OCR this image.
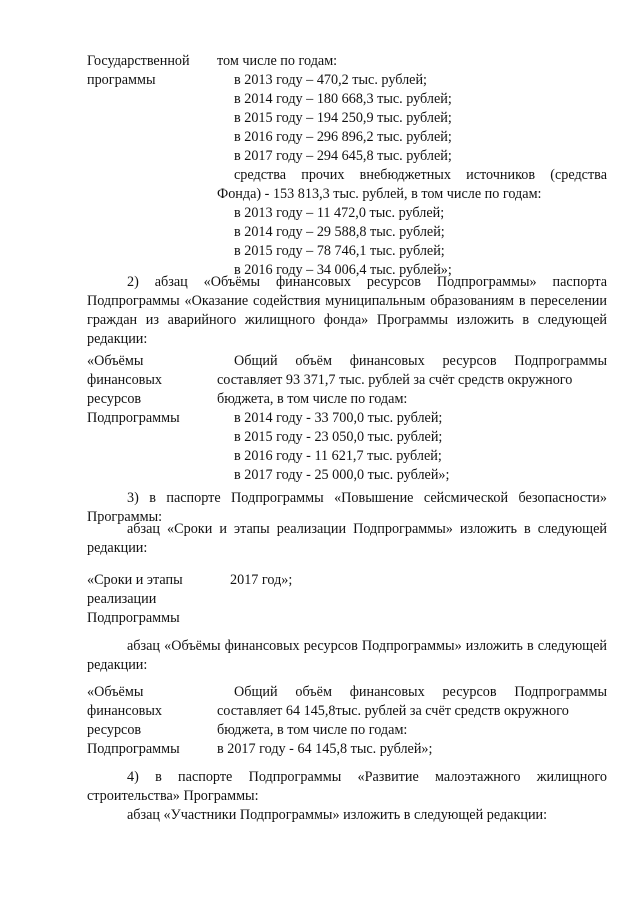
Государственной
программы
том числе по годам:
в 2013 году – 470,2 тыс. рублей;
в 2014 году – 180 668,3 тыс. рублей;
в 2015 году – 194 250,9 тыс. рублей;
в 2016 году – 296 896,2 тыс. рублей;
в 2017 году – 294 645,8 тыс. рублей;
средства прочих внебюджетных источников (средства
Фонда) - 153 813,3 тыс. рублей, в том числе по годам:
в 2013 году – 11 472,0 тыс. рублей;
в 2014 году – 29 588,8 тыс. рублей;
в 2015 году – 78 746,1 тыс. рублей;
в 2016 году – 34 006,4 тыс. рублей»;
2) абзац «Объёмы финансовых ресурсов Подпрограммы» паспорта Подпрограммы «Оказание содействия муниципальным образованиям в переселении граждан из аварийного жилищного фонда» Программы изложить в следующей редакции:
«Объёмы
финансовых
ресурсов
Подпрограммы
Общий объём финансовых ресурсов Подпрограммы
составляет 93 371,7 тыс. рублей за счёт средств окружного
бюджета, в том числе по годам:
в 2014 году - 33 700,0 тыс. рублей;
в 2015 году - 23 050,0 тыс. рублей;
в 2016 году - 11 621,7 тыс. рублей;
в 2017 году - 25 000,0 тыс. рублей»;
3) в паспорте Подпрограммы «Повышение сейсмической безопасности» Программы:
абзац «Сроки и этапы реализации Подпрограммы» изложить в следующей редакции:
«Сроки и этапы
реализации
Подпрограммы
2017 год»;
абзац «Объёмы финансовых ресурсов Подпрограммы» изложить в следующей редакции:
«Объёмы
финансовых
ресурсов
Подпрограммы
Общий объём финансовых ресурсов Подпрограммы
составляет 64 145,8тыс. рублей за счёт средств окружного
бюджета, в том числе по годам:
в 2017 году - 64 145,8 тыс. рублей»;
4) в паспорте Подпрограммы «Развитие малоэтажного жилищного строительства» Программы:
абзац «Участники Подпрограммы» изложить в следующей редакции:
